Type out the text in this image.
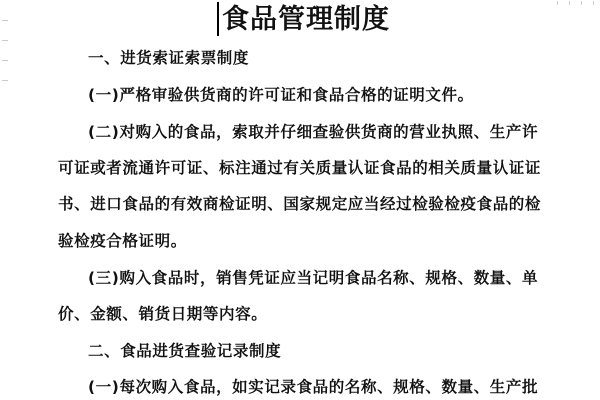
食品管理制度
一、进货索证索票制度
(一)严格审验供货商的许可证和食品合格的证明文件。
(二)对购入的食品，索取并仔细查验供货商的营业执照、生产许
可证或者流通许可证、标注通过有关质量认证食品的相关质量认证证
书、进口食品的有效商检证明、国家规定应当经过检验检疫食品的检
验检疫合格证明。
(三)购入食品时，销售凭证应当记明食品名称、规格、数量、单
价、金额、销货日期等内容。
二、食品进货查验记录制度
(一)每次购入食品，如实记录食品的名称、规格、数量、生产批
